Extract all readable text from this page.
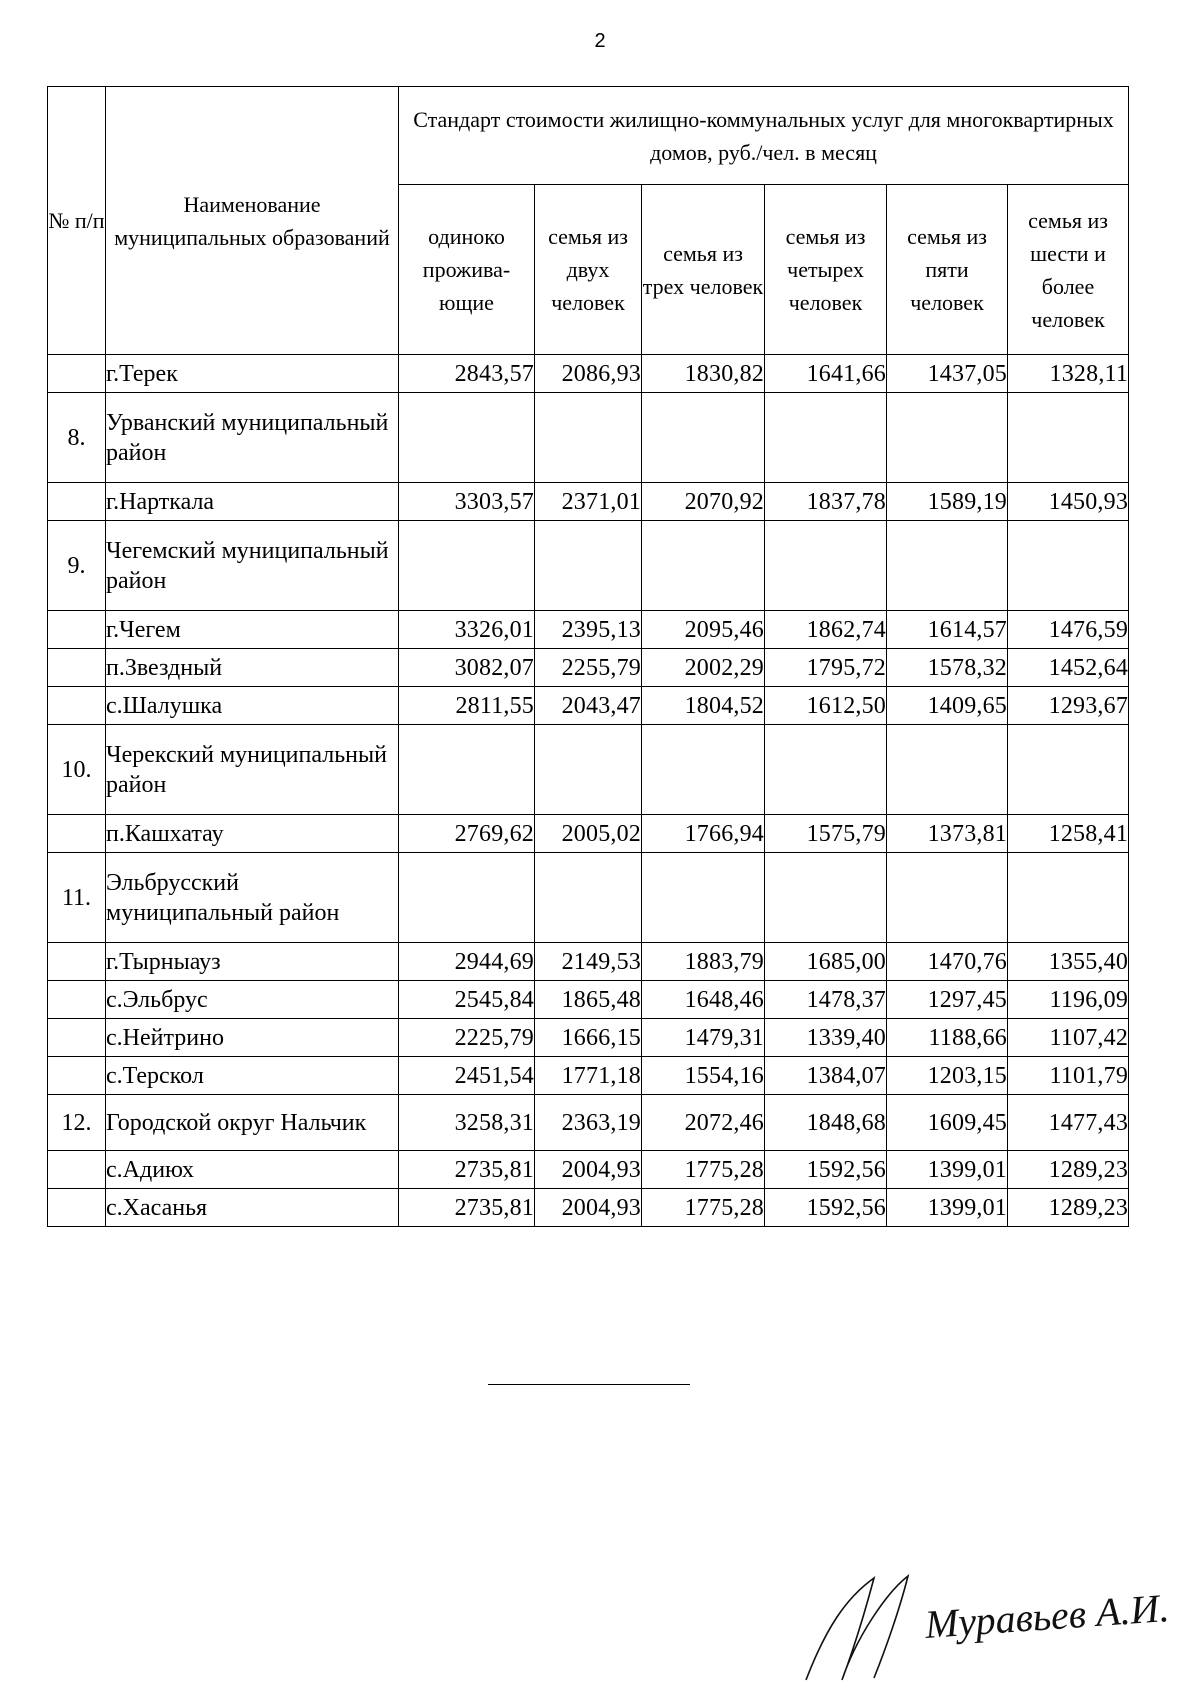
2
№ п/п	Наименование муниципальных образований	Стандарт стоимости жилищно-коммунальных услуг для многоквартирных домов, руб./чел. в месяц					
		одиноко прожива-ющие	семья из двух человек	семья из трех человек	семья из четырех человек	семья из пяти человек	семья из шести и более человек
	г.Терек	2843,57	2086,93	1830,82	1641,66	1437,05	1328,11
8.	Урванский муниципальный район						
	г.Нарткала	3303,57	2371,01	2070,92	1837,78	1589,19	1450,93
9.	Чегемский муниципальный район						
	г.Чегем	3326,01	2395,13	2095,46	1862,74	1614,57	1476,59
	п.Звездный	3082,07	2255,79	2002,29	1795,72	1578,32	1452,64
	с.Шалушка	2811,55	2043,47	1804,52	1612,50	1409,65	1293,67
10.	Черекский муниципальный район						
	п.Кашхатау	2769,62	2005,02	1766,94	1575,79	1373,81	1258,41
11.	Эльбрусский муниципальный район						
	г.Тырныауз	2944,69	2149,53	1883,79	1685,00	1470,76	1355,40
	с.Эльбрус	2545,84	1865,48	1648,46	1478,37	1297,45	1196,09
	с.Нейтрино	2225,79	1666,15	1479,31	1339,40	1188,66	1107,42
	с.Терскол	2451,54	1771,18	1554,16	1384,07	1203,15	1101,79
12.	Городской округ Нальчик	3258,31	2363,19	2072,46	1848,68	1609,45	1477,43
	с.Адиюх	2735,81	2004,93	1775,28	1592,56	1399,01	1289,23
	с.Хасанья	2735,81	2004,93	1775,28	1592,56	1399,01	1289,23
Муравьев А.И.
